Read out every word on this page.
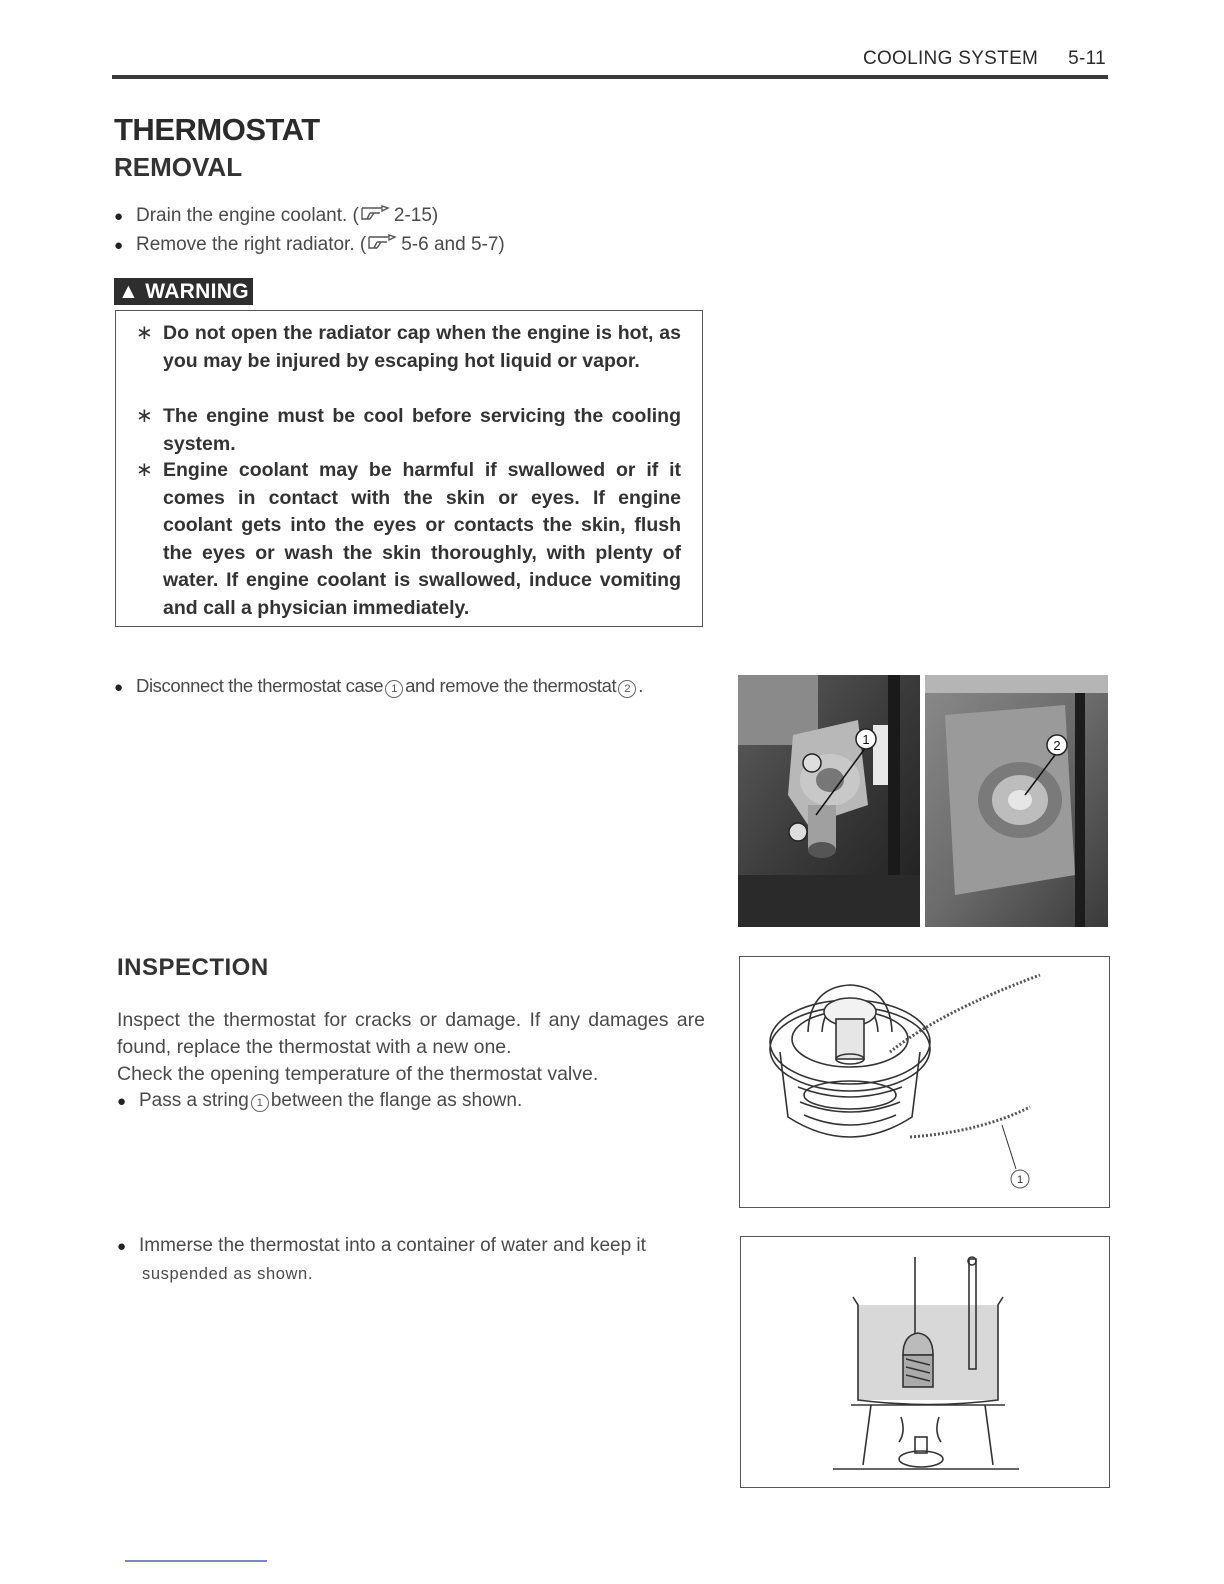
COOLING SYSTEM 5-11
THERMOSTAT
REMOVAL
● Drain the engine coolant. ( 2-15)
● Remove the right radiator. ( 5-6 and 5-7)
▲ WARNING
∗ Do not open the radiator cap when the engine is hot, as you may be injured by escaping hot liquid or vapor.
∗ The engine must be cool before servicing the cooling system.
∗ Engine coolant may be harmful if swallowed or if it comes in contact with the skin or eyes. If engine coolant gets into the eyes or contacts the skin, flush the eyes or wash the skin thoroughly, with plenty of water. If engine coolant is swallowed, induce vomiting and call a physician immediately.
● Disconnect the thermostat case 1 and remove the thermostat 2 .
1	2
INSPECTION
Inspect the thermostat for cracks or damage. If any damages are found, replace the thermostat with a new one.
Check the opening temperature of the thermostat valve.
● Pass a string 1 between the flange as shown.
1
● Immerse the thermostat into a container of water and keep it
suspended as shown.
